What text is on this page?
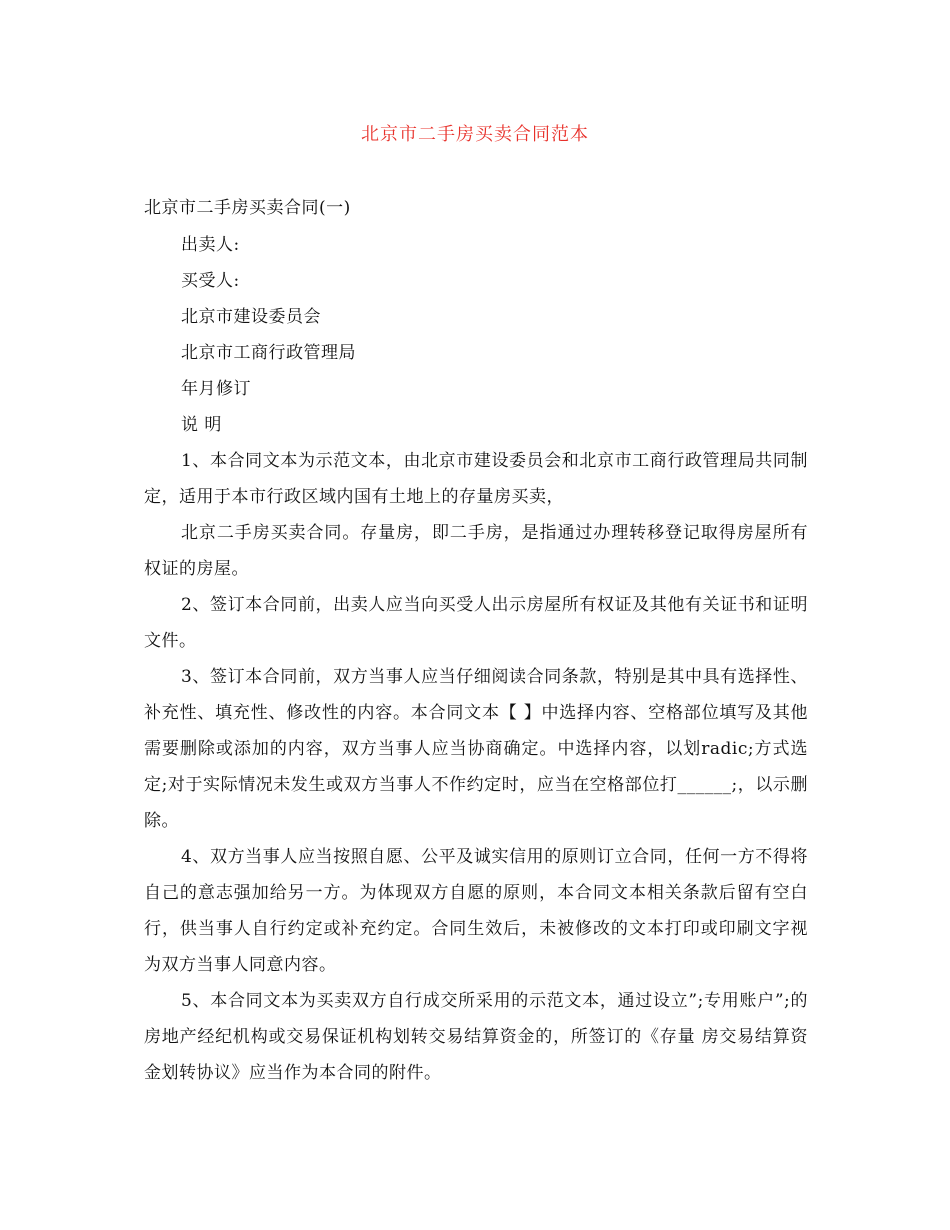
北京市二手房买卖合同范本
北京市二手房买卖合同(一)
出卖人:
买受人:
北京市建设委员会
北京市工商行政管理局
年月修订
说 明

1、本合同文本为示范文本，由北京市建设委员会和北京市工商行政管理局共同制定，适用于本市行政区域内国有土地上的存量房买卖，

北京二手房买卖合同。存量房，即二手房，是指通过办理转移登记取得房屋所有权证的房屋。

2、签订本合同前，出卖人应当向买受人出示房屋所有权证及其他有关证书和证明文件。

3、签订本合同前，双方当事人应当仔细阅读合同条款，特别是其中具有选择性、补充性、填充性、修改性的内容。本合同文本【 】中选择内容、空格部位填写及其他需要删除或添加的内容，双方当事人应当协商确定。中选择内容，以划radic;方式选定;对于实际情况未发生或双方当事人不作约定时，应当在空格部位打______;，以示删除。

4、双方当事人应当按照自愿、公平及诚实信用的原则订立合同，任何一方不得将自己的意志强加给另一方。为体现双方自愿的原则，本合同文本相关条款后留有空白行，供当事人自行约定或补充约定。合同生效后，未被修改的文本打印或印刷文字视为双方当事人同意内容。

5、本合同文本为买卖双方自行成交所采用的示范文本，通过设立”;专用账户”;的房地产经纪机构或交易保证机构划转交易结算资金的，所签订的《存量 房交易结算资金划转协议》应当作为本合同的附件。
